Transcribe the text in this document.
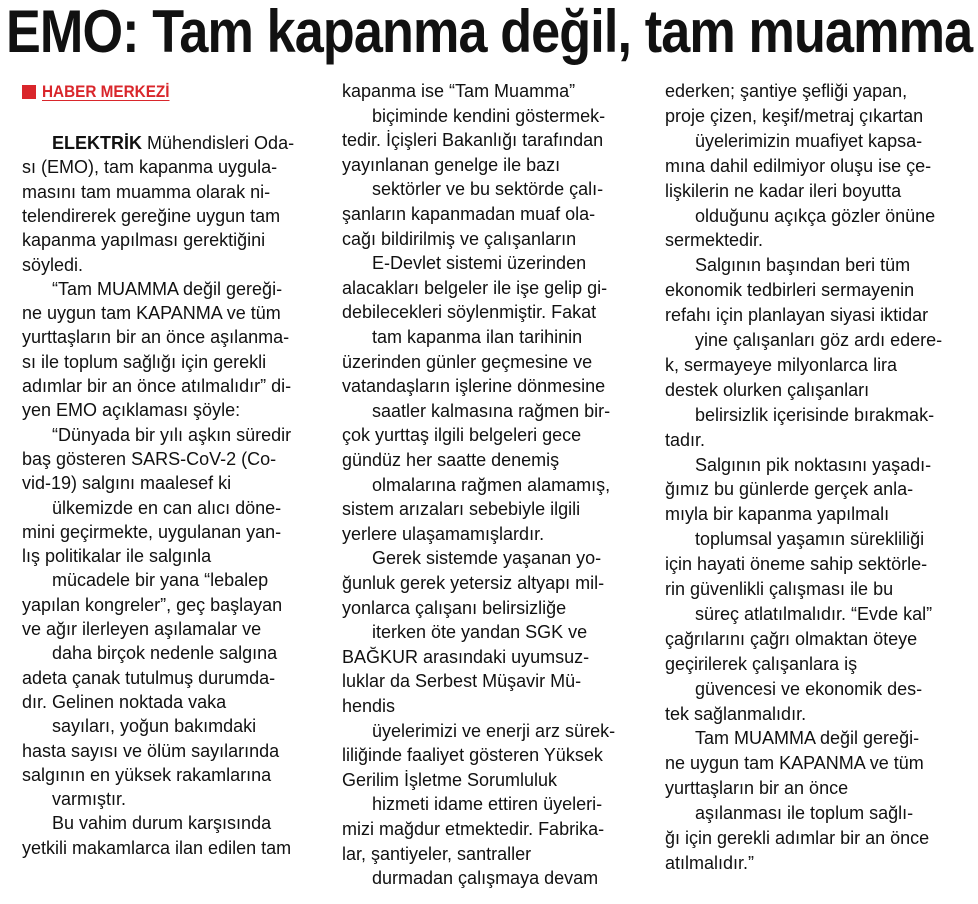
EMO: Tam kapanma değil, tam muamma
HABER MERKEZİ
ELEKTRİK Mühendisleri Oda-
sı (EMO), tam kapanma uygula-
masını tam muamma olarak ni-
telendirerek gereğine uygun tam
kapanma yapılması gerektiğini
söyledi.
“Tam MUAMMA değil gereği-
ne uygun tam KAPANMA ve tüm
yurttaşların bir an önce aşılanma-
sı ile toplum sağlığı için gerekli
adımlar bir an önce atılmalıdır” di-
yen EMO açıklaması şöyle:
“Dünyada bir yılı aşkın süredir
baş gösteren SARS-CoV-2 (Co-
vid-19) salgını maalesef ki
ülkemizde en can alıcı döne-
mini geçirmekte, uygulanan yan-
lış politikalar ile salgınla
mücadele bir yana “lebalep
yapılan kongreler”, geç başlayan
ve ağır ilerleyen aşılamalar ve
daha birçok nedenle salgına
adeta çanak tutulmuş durumda-
dır. Gelinen noktada vaka
sayıları, yoğun bakımdaki
hasta sayısı ve ölüm sayılarında
salgının en yüksek rakamlarına
varmıştır.
Bu vahim durum karşısında
yetkili makamlarca ilan edilen tam
kapanma ise “Tam Muamma”
biçiminde kendini göstermek-
tedir. İçişleri Bakanlığı tarafından
yayınlanan genelge ile bazı
sektörler ve bu sektörde çalı-
şanların kapanmadan muaf ola-
cağı bildirilmiş ve çalışanların
E-Devlet sistemi üzerinden
alacakları belgeler ile işe gelip gi-
debilecekleri söylenmiştir. Fakat
tam kapanma ilan tarihinin
üzerinden günler geçmesine ve
vatandaşların işlerine dönmesine
saatler kalmasına rağmen bir-
çok yurttaş ilgili belgeleri gece
gündüz her saatte denemiş
olmalarına rağmen alamamış,
sistem arızaları sebebiyle ilgili
yerlere ulaşamamışlardır.
Gerek sistemde yaşanan yo-
ğunluk gerek yetersiz altyapı mil-
yonlarca çalışanı belirsizliğe
iterken öte yandan SGK ve
BAĞKUR arasındaki uyumsuz-
luklar da Serbest Müşavir Mü-
hendis
üyelerimizi ve enerji arz sürek-
liliğinde faaliyet gösteren Yüksek
Gerilim İşletme Sorumluluk
hizmeti idame ettiren üyeleri-
mizi mağdur etmektedir. Fabrika-
lar, şantiyeler, santraller
durmadan çalışmaya devam
ederken; şantiye şefliği yapan,
proje çizen, keşif/metraj çıkartan
üyelerimizin muafiyet kapsa-
mına dahil edilmiyor oluşu ise çe-
lişkilerin ne kadar ileri boyutta
olduğunu açıkça gözler önüne
sermektedir.
Salgının başından beri tüm
ekonomik tedbirleri sermayenin
refahı için planlayan siyasi iktidar
yine çalışanları göz ardı edere-
k, sermayeye milyonlarca lira
destek olurken çalışanları
belirsizlik içerisinde bırakmak-
tadır.
Salgının pik noktasını yaşadı-
ğımız bu günlerde gerçek anla-
mıyla bir kapanma yapılmalı
toplumsal yaşamın sürekliliği
için hayati öneme sahip sektörle-
rin güvenlikli çalışması ile bu
süreç atlatılmalıdır. “Evde kal”
çağrılarını çağrı olmaktan öteye
geçirilerek çalışanlara iş
güvencesi ve ekonomik des-
tek sağlanmalıdır.
Tam MUAMMA değil gereği-
ne uygun tam KAPANMA ve tüm
yurttaşların bir an önce
aşılanması ile toplum sağlı-
ğı için gerekli adımlar bir an önce
atılmalıdır.”
